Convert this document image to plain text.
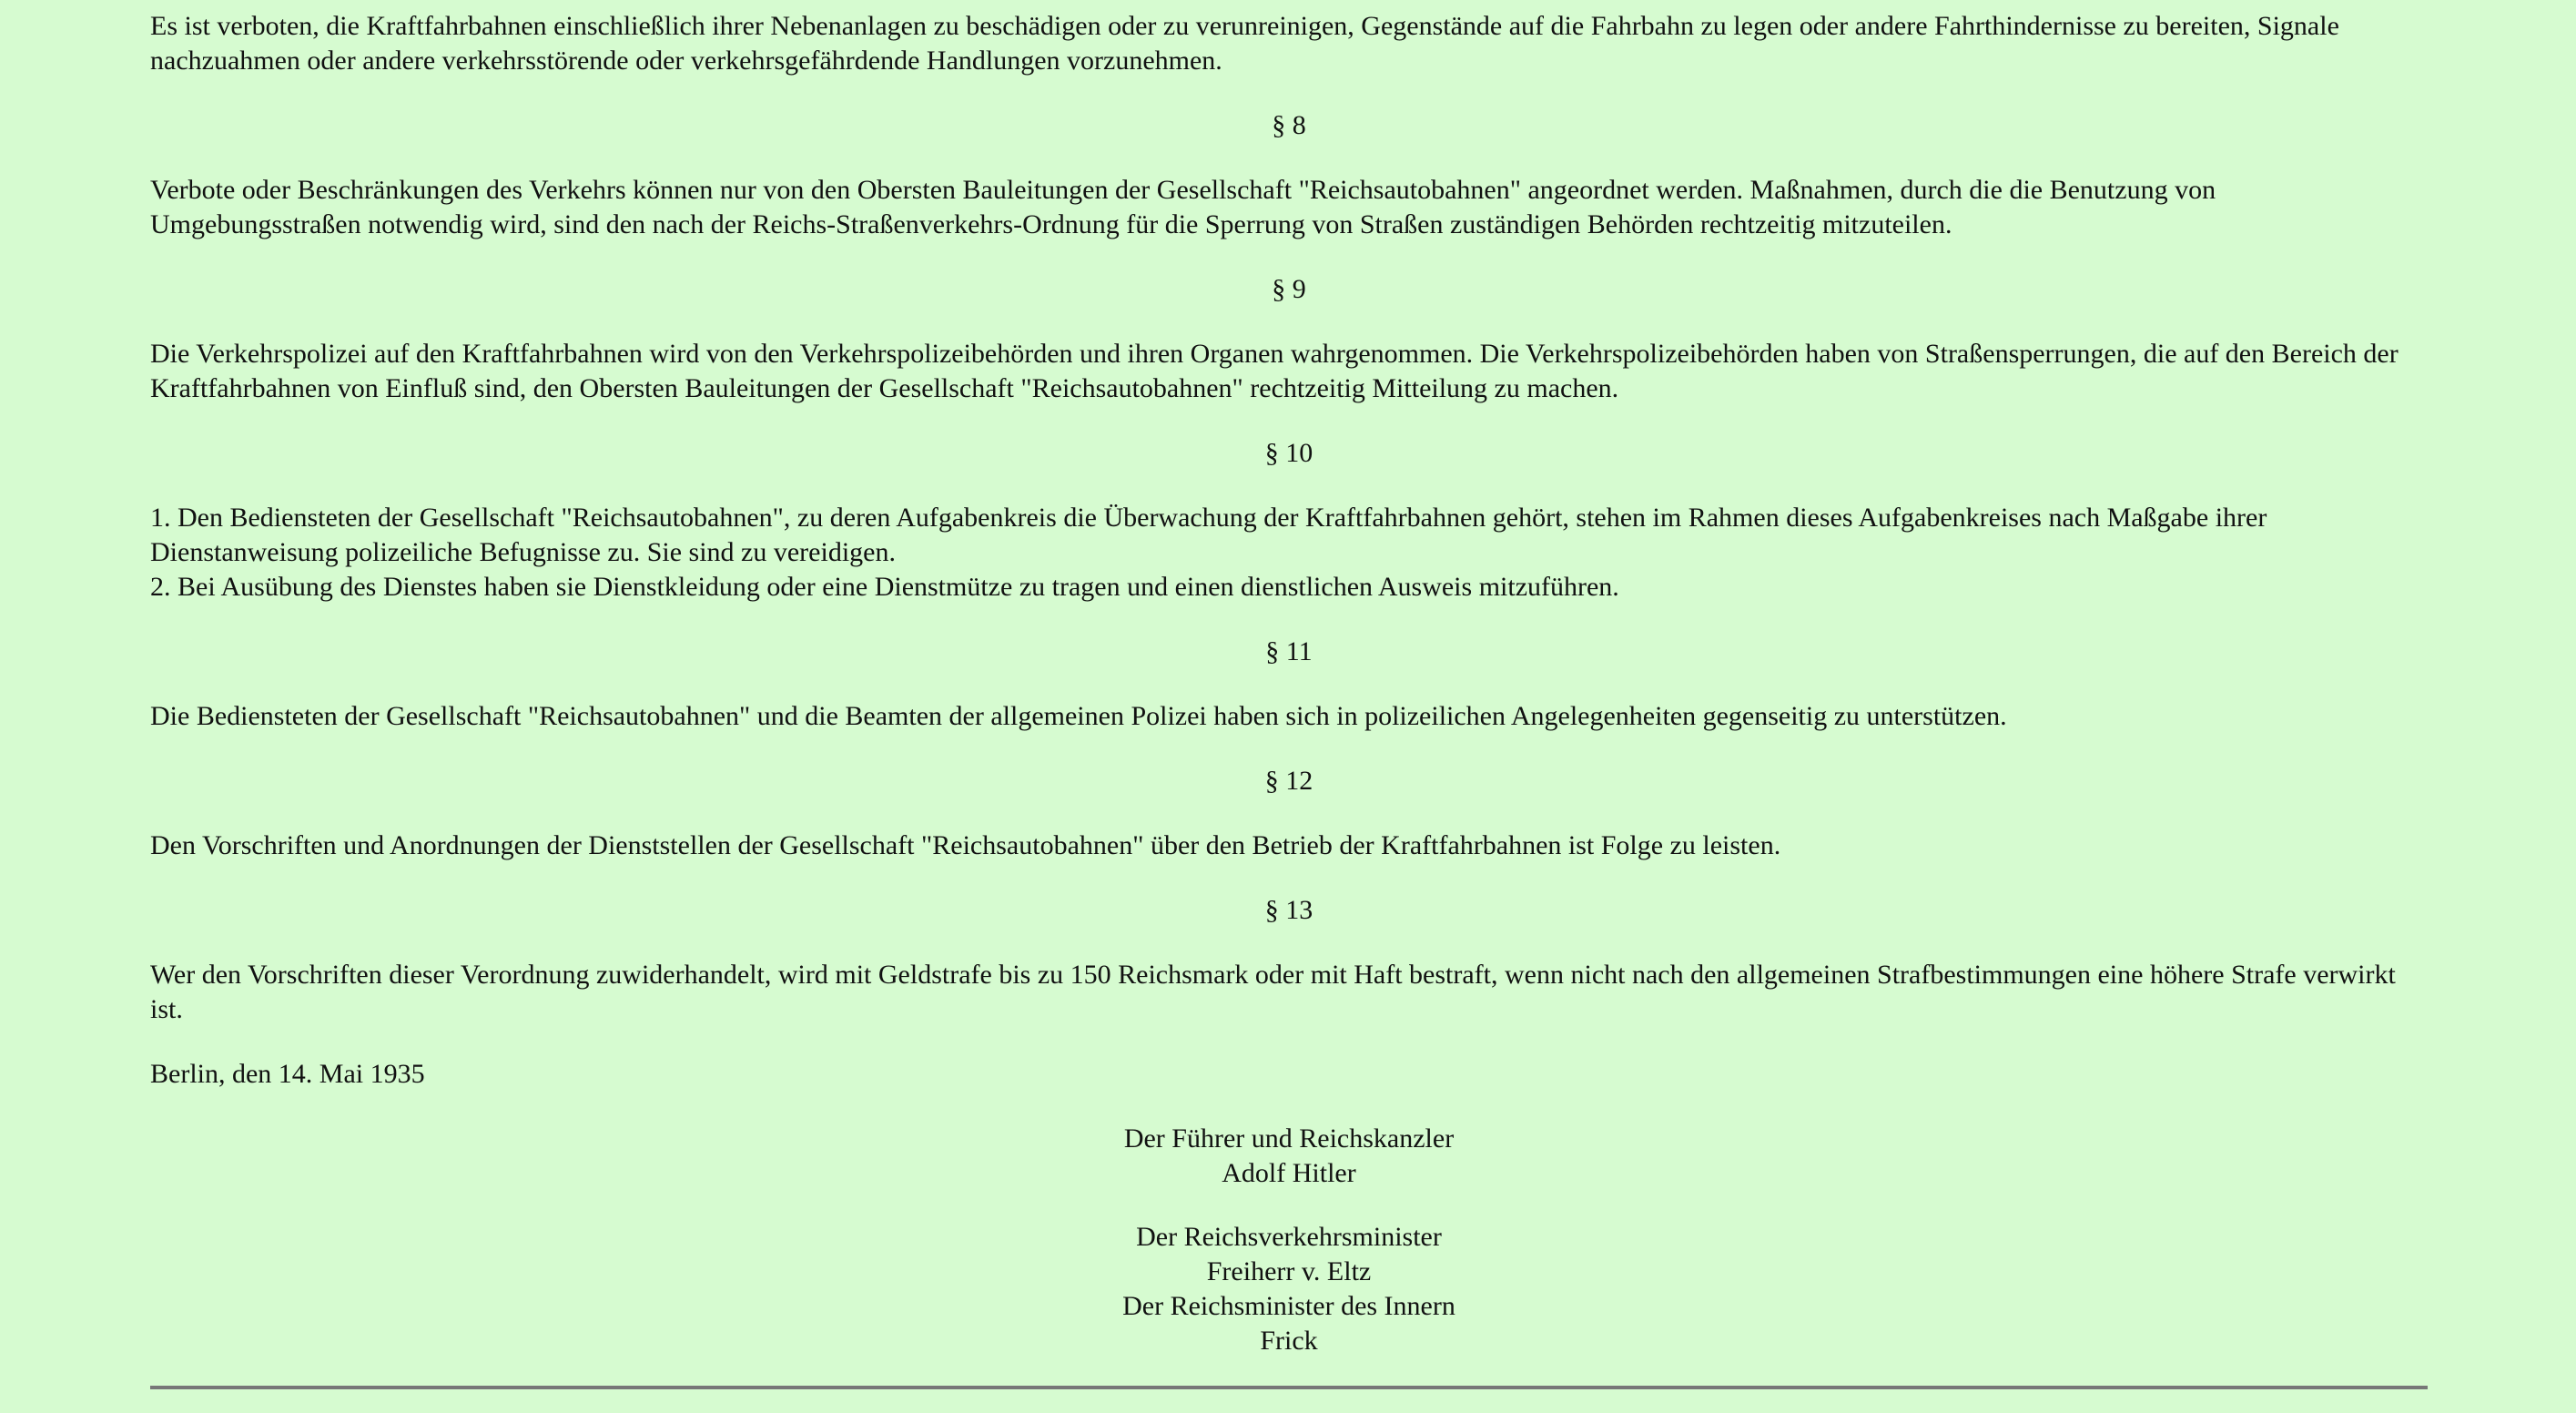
Es ist verboten, die Kraftfahrbahnen einschließlich ihrer Nebenanlagen zu beschädigen oder zu verunreinigen, Gegenstände auf die Fahrbahn zu legen oder andere Fahrthindernisse zu bereiten, Signale nachzuahmen oder andere verkehrsstörende oder verkehrsgefährdende Handlungen vorzunehmen.

§ 8

Verbote oder Beschränkungen des Verkehrs können nur von den Obersten Bauleitungen der Gesellschaft "Reichsautobahnen" angeordnet werden. Maßnahmen, durch die die Benutzung von Umgebungsstraßen notwendig wird, sind den nach der Reichs-Straßenverkehrs-Ordnung für die Sperrung von Straßen zuständigen Behörden rechtzeitig mitzuteilen.

§ 9

Die Verkehrspolizei auf den Kraftfahrbahnen wird von den Verkehrspolizeibehörden und ihren Organen wahrgenommen. Die Verkehrspolizeibehörden haben von Straßensperrungen, die auf den Bereich der Kraftfahrbahnen von Einfluß sind, den Obersten Bauleitungen der Gesellschaft "Reichsautobahnen" rechtzeitig Mitteilung zu machen.

§ 10

1. Den Bediensteten der Gesellschaft "Reichsautobahnen", zu deren Aufgabenkreis die Überwachung der Kraftfahrbahnen gehört, stehen im Rahmen dieses Aufgabenkreises nach Maßgabe ihrer Dienstanweisung polizeiliche Befugnisse zu. Sie sind zu vereidigen.

2. Bei Ausübung des Dienstes haben sie Dienstkleidung oder eine Dienstmütze zu tragen und einen dienstlichen Ausweis mitzuführen.

§ 11

Die Bediensteten der Gesellschaft "Reichsautobahnen" und die Beamten der allgemeinen Polizei haben sich in polizeilichen Angelegenheiten gegenseitig zu unterstützen.

§ 12

Den Vorschriften und Anordnungen der Dienststellen der Gesellschaft "Reichsautobahnen" über den Betrieb der Kraftfahrbahnen ist Folge zu leisten.

§ 13

Wer den Vorschriften dieser Verordnung zuwiderhandelt, wird mit Geldstrafe bis zu 150 Reichsmark oder mit Haft bestraft, wenn nicht nach den allgemeinen Strafbestimmungen eine höhere Strafe verwirkt ist.

Berlin, den 14. Mai 1935

Der Führer und Reichskanzler

Adolf Hitler

Der Reichsverkehrsminister

Freiherr v. Eltz

Der Reichsminister des Innern

Frick
